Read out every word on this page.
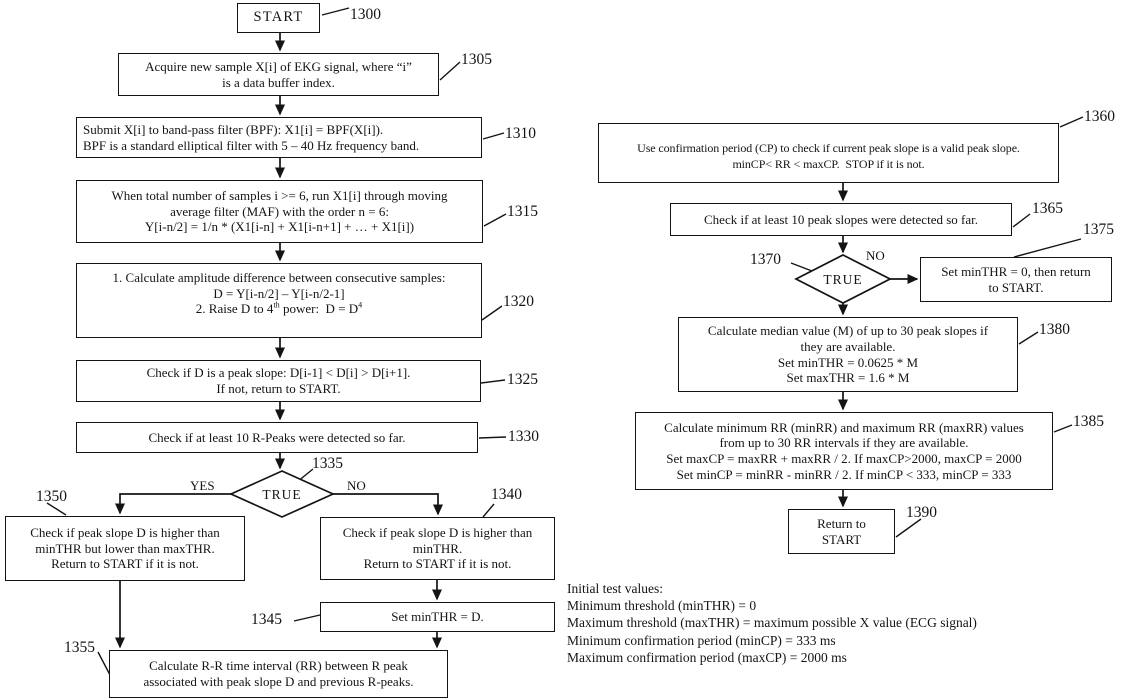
START
Acquire new sample X[i] of EKG signal, where “i”
is a data buffer index.
Submit X[i] to band-pass filter (BPF): X1[i] = BPF(X[i]).
BPF is a standard elliptical filter with 5 – 40 Hz frequency band.
When total number of samples i >= 6, run X1[i] through moving
average filter (MAF) with the order n = 6:
Y[i-n/2] = 1/n * (X1[i-n] + X1[i-n+1] + … + X1[i])
1. Calculate amplitude difference between consecutive samples:
D = Y[i-n/2] – Y[i-n/2-1]
2. Raise D to 4th power:  $D = D^4$
Check if D is a peak slope: D[i-1] < D[i] > D[i+1].
If not, return to START.
Check if at least 10 R-Peaks were detected so far.
TRUE
YES	NO
Check if peak slope D is higher than
minTHR but lower than maxTHR.
Return to START if it is not.
Check if peak slope D is higher than
minTHR.
Return to START if it is not.
Set minTHR = D.
Calculate R-R time interval (RR) between R peak
associated with peak slope D and previous R-peaks.
Use confirmation period (CP) to check if current peak slope is a valid peak slope.
minCP< RR < maxCP.  STOP if it is not.
Check if at least 10 peak slopes were detected so far.
TRUE
NO
Set minTHR = 0, then return
to START.
Calculate median value (M) of up to 30 peak slopes if
they are available.
Set minTHR = 0.0625 * M
Set maxTHR = 1.6 * M
Calculate minimum RR (minRR) and maximum RR (maxRR) values
from up to 30 RR intervals if they are available.
Set maxCP = maxRR + maxRR / 2. If maxCP>2000, maxCP = 2000
Set minCP = minRR - minRR / 2. If minCP < 333, minCP = 333
Return to
START
1300
1305
1310
1315
1320
1325
1330
1335
1350	1340
1345
1355
1360
1365
1370
1375
1380
1385
1390
Initial test values:
Minimum threshold (minTHR) = 0
Maximum threshold (maxTHR) = maximum possible X value (ECG signal)
Minimum confirmation period (minCP) = 333 ms
Maximum confirmation period (maxCP) = 2000 ms
